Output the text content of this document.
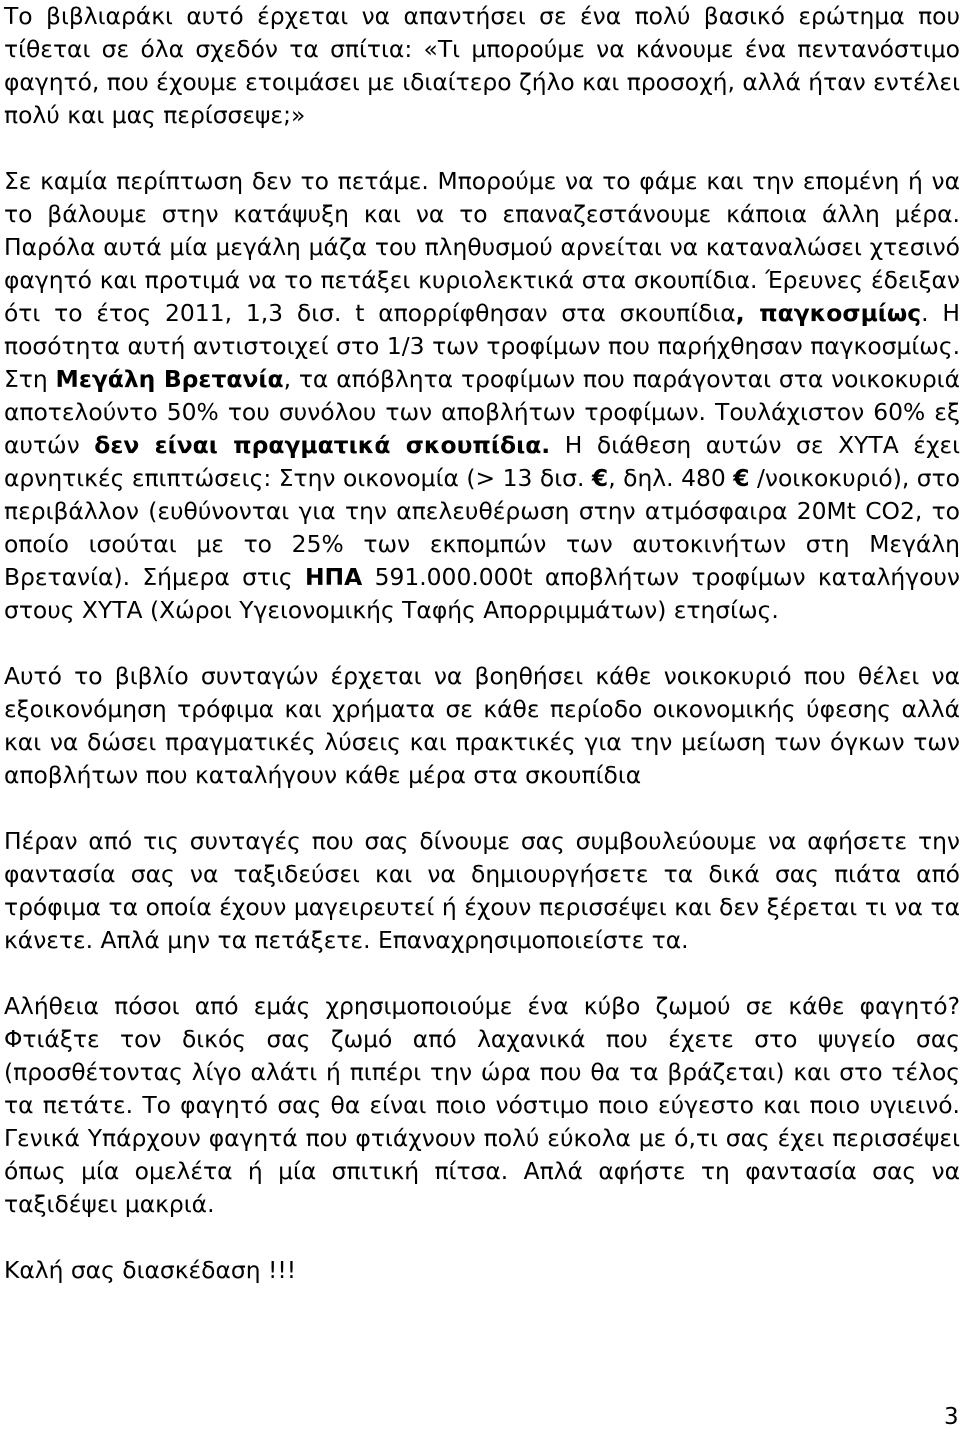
Το βιβλιαράκι αυτό έρχεται να απαντήσει σε ένα πολύ βασικό ερώτημα που τίθεται σε όλα σχεδόν τα σπίτια: «Τι μπορούμε να κάνουμε ένα πεντανόστιμο φαγητό, που έχουμε ετοιμάσει με ιδιαίτερο ζήλο και προσοχή, αλλά ήταν εντέλει πολύ και μας περίσσεψε;»

Σε καμία περίπτωση δεν το πετάμε. Μπορούμε να το φάμε και την επομένη ή να το βάλουμε στην κατάψυξη και να το επαναζεστάνουμε κάποια άλλη μέρα. Παρόλα αυτά μία μεγάλη μάζα του πληθυσμού αρνείται να καταναλώσει χτεσινό φαγητό και προτιμά να το πετάξει κυριολεκτικά στα σκουπίδια. Έρευνες έδειξαν ότι το έτος 2011, 1,3 δισ. t απορρίφθησαν στα σκουπίδια, παγκοσμίως. Η ποσότητα αυτή αντιστοιχεί στο 1/3 των τροφίμων που παρήχθησαν παγκοσμίως. Στη Μεγάλη Βρετανία, τα απόβλητα τροφίμων που παράγονται στα νοικοκυριά αποτελούντο 50% του συνόλου των αποβλήτων τροφίμων. Τουλάχιστον 60% εξ αυτών δεν είναι πραγματικά σκουπίδια. Η διάθεση αυτών σε ΧΥΤΑ έχει αρνητικές επιπτώσεις: Στην οικονομία (> 13 δισ. €, δηλ. 480 € /νοικοκυριό), στο περιβάλλον (ευθύνονται για την απελευθέρωση στην ατμόσφαιρα 20Mt CO2, το οποίο ισούται με το 25% των εκπομπών των αυτοκινήτων στη Μεγάλη Βρετανία). Σήμερα στις ΗΠΑ 591.000.000t αποβλήτων τροφίμων καταλήγουν στους ΧΥΤΑ (Χώροι Υγειονομικής Ταφής Απορριμμάτων) ετησίως.

Αυτό το βιβλίο συνταγών έρχεται να βοηθήσει κάθε νοικοκυριό που θέλει να εξοικονόμηση τρόφιμα και χρήματα σε κάθε περίοδο οικονομικής ύφεσης αλλά και να δώσει πραγματικές λύσεις και πρακτικές για την μείωση των όγκων των αποβλήτων που καταλήγουν κάθε μέρα στα σκουπίδια

Πέραν από τις συνταγές που σας δίνουμε σας συμβουλεύουμε να αφήσετε την φαντασία σας να ταξιδεύσει και να δημιουργήσετε τα δικά σας πιάτα από τρόφιμα τα οποία έχουν μαγειρευτεί ή έχουν περισσέψει και δεν ξέρεται τι να τα κάνετε. Απλά μην τα πετάξετε. Επαναχρησιμοποιείστε τα.

Αλήθεια πόσοι από εμάς χρησιμοποιούμε ένα κύβο ζωμού σε κάθε φαγητό? Φτιάξτε τον δικός σας ζωμό από λαχανικά που έχετε στο ψυγείο σας (προσθέτοντας λίγο αλάτι ή πιπέρι την ώρα που θα τα βράζεται) και στο τέλος τα πετάτε. Το φαγητό σας θα είναι ποιο νόστιμο ποιο εύγεστο και ποιο υγιεινό. Γενικά Υπάρχουν φαγητά που φτιάχνουν πολύ εύκολα με ό,τι σας έχει περισσέψει όπως μία ομελέτα ή μία σπιτική πίτσα. Απλά αφήστε τη φαντασία σας να ταξιδέψει μακριά.

Καλή σας διασκέδαση !!!

3
